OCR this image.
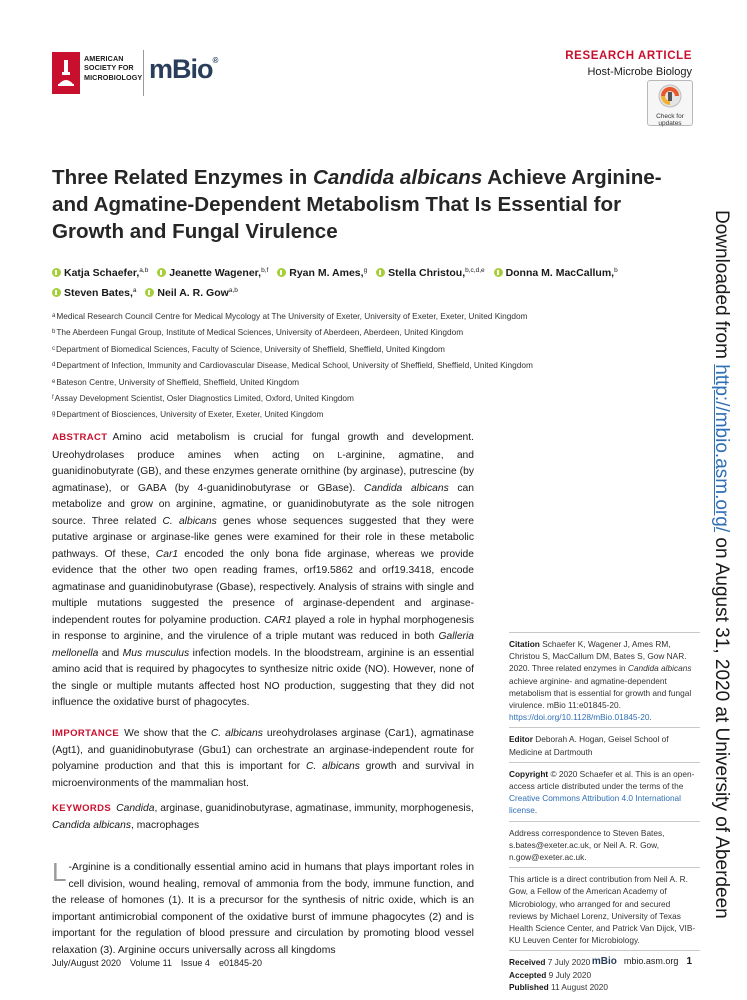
AMERICAN
SOCIETY FOR
MICROBIOLOGY mBio®	RESEARCH ARTICLE
Host-Microbe Biology
Check for
updates
Three Related Enzymes in Candida albicans Achieve Arginine- and Agmatine-Dependent Metabolism That Is Essential for Growth and Fungal Virulence
Katja Schaefer,$^{a,b}$ Jeanette Wagener,$^{b,f}$ Ryan M. Ames,$^g$ Stella Christou,$^{b,c,d,e}$ Donna M. MacCallum,$^b$
Steven Bates,$^a$ Neil A. R. Gow$^{a,b}$
$^a$Medical Research Council Centre for Medical Mycology at The University of Exeter, University of Exeter, Exeter, United Kingdom
$^b$The Aberdeen Fungal Group, Institute of Medical Sciences, University of Aberdeen, Aberdeen, United Kingdom
$^c$Department of Biomedical Sciences, Faculty of Science, University of Sheffield, Sheffield, United Kingdom
$^d$Department of Infection, Immunity and Cardiovascular Disease, Medical School, University of Sheffield, Sheffield, United Kingdom
$^e$Bateson Centre, University of Sheffield, Sheffield, United Kingdom
$^f$Assay Development Scientist, Osler Diagnostics Limited, Oxford, United Kingdom
$^g$Department of Biosciences, University of Exeter, Exeter, United Kingdom

ABSTRACT Amino acid metabolism is crucial for fungal growth and development. Ureohydrolases produce amines when acting on L-arginine, agmatine, and guanidinobutyrate (GB), and these enzymes generate ornithine (by arginase), putrescine (by agmatinase), or GABA (by 4-guanidinobutyrase or GBase). Candida albicans can metabolize and grow on arginine, agmatine, or guanidinobutyrate as the sole nitrogen source. Three related C. albicans genes whose sequences suggested that they were putative arginase or arginase-like genes were examined for their role in these metabolic pathways. Of these, Car1 encoded the only bona fide arginase, whereas we provide evidence that the other two open reading frames, orf19.5862 and orf19.3418, encode agmatinase and guanidinobutyrase (Gbase), respectively. Analysis of strains with single and multiple mutations suggested the presence of arginase-dependent and arginase-independent routes for polyamine production. CAR1 played a role in hyphal morphogenesis in response to arginine, and the virulence of a triple mutant was reduced in both Galleria mellonella and Mus musculus infection models. In the bloodstream, arginine is an essential amino acid that is required by phagocytes to synthesize nitric oxide (NO). However, none of the single or multiple mutants affected host NO production, suggesting that they did not influence the oxidative burst of phagocytes.

IMPORTANCE We show that the C. albicans ureohydrolases arginase (Car1), agmatinase (Agt1), and guanidinobutyrase (Gbu1) can orchestrate an arginase-independent route for polyamine production and that this is important for C. albicans growth and survival in microenvironments of the mammalian host.

KEYWORDS Candida, arginase, guanidinobutyrase, agmatinase, immunity, morphogenesis, Candida albicans, macrophages

L -Arginine is a conditionally essential amino acid in humans that plays important roles in cell division, wound healing, removal of ammonia from the body, immune function, and the release of homones (1). It is a precursor for the synthesis of nitric oxide, which is an important antimicrobial component of the oxidative burst of immune phagocytes (2) and is important for the regulation of blood pressure and circulation by promoting blood vessel relaxation (3). Arginine occurs universally across all kingdoms

Citation Schaefer K, Wagener J, Ames RM, Christou S, MacCallum DM, Bates S, Gow NAR. 2020. Three related enzymes in Candida albicans achieve arginine- and agmatine-dependent metabolism that is essential for growth and fungal virulence. mBio 11:e01845-20. https://doi.org/10.1128/mBio.01845-20.
Editor Deborah A. Hogan, Geisel School of Medicine at Dartmouth
Copyright © 2020 Schaefer et al. This is an open-access article distributed under the terms of the Creative Commons Attribution 4.0 International license.
Address correspondence to Steven Bates, s.bates@exeter.ac.uk, or Neil A. R. Gow, n.gow@exeter.ac.uk.
This article is a direct contribution from Neil A. R. Gow, a Fellow of the American Academy of Microbiology, who arranged for and secured reviews by Michael Lorenz, University of Texas Health Science Center, and Patrick Van Dijck, VIB-KU Leuven Center for Microbiology.
Received 7 July 2020
Accepted 9 July 2020
Published 11 August 2020
Downloaded from http://mbio.asm.org/ on August 31, 2020 at University of Aberdeen
July/August 2020 Volume 11 Issue 4 e01845-20	mBio mbio.asm.org 1
